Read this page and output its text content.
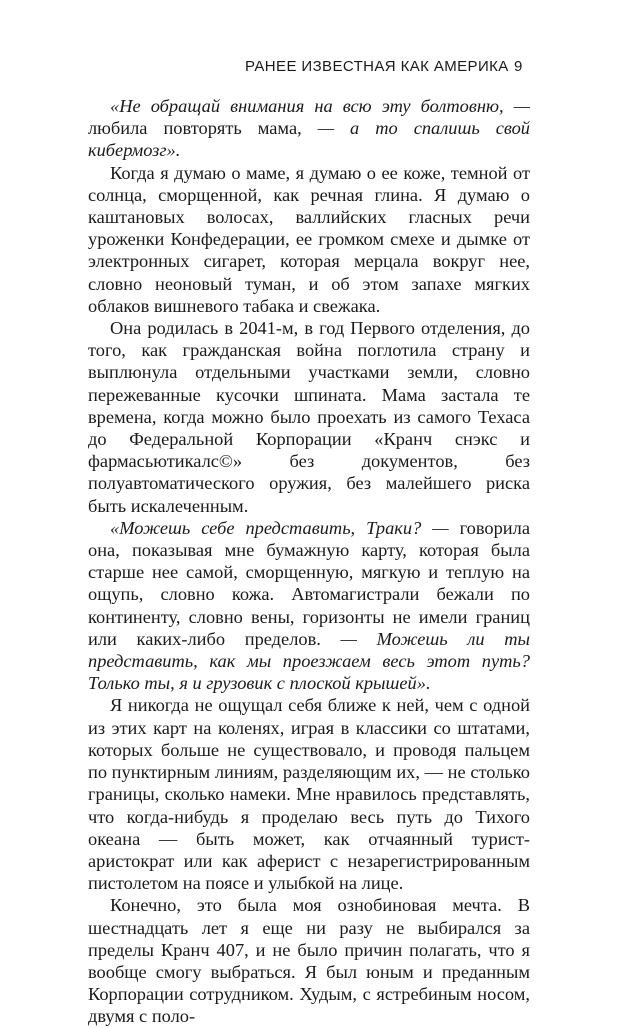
РАНЕЕ ИЗВЕСТНАЯ КАК АМЕРИКА 9

«Не обращай внимания на всю эту болтовню, — любила повторять мама, — а то спалишь свой кибермозг».

Когда я думаю о маме, я думаю о ее коже, темной от солнца, сморщенной, как речная глина. Я думаю о каштановых волосах, валлийских гласных речи уроженки Конфедерации, ее громком смехе и дымке от электронных сигарет, которая мерцала вокруг нее, словно неоновый туман, и об этом запахе мягких облаков вишневого табака и свежака.

Она родилась в 2041-м, в год Первого отделения, до того, как гражданская война поглотила страну и выплюнула отдельными участками земли, словно пережеванные кусочки шпината. Мама застала те времена, когда можно было проехать из самого Техаса до Федеральной Корпорации «Кранч снэкс и фармасьютикалс©» без документов, без полуавтоматического оружия, без малейшего риска быть искалеченным.

«Можешь себе представить, Траки? — говорила она, показывая мне бумажную карту, которая была старше нее самой, сморщенную, мягкую и теплую на ощупь, словно кожа. Автомагистрали бежали по континенту, словно вены, горизонты не имели границ или каких-либо пределов. — Можешь ли ты представить, как мы проезжаем весь этот путь? Только ты, я и грузовик с плоской крышей».

Я никогда не ощущал себя ближе к ней, чем с одной из этих карт на коленях, играя в классики со штатами, которых больше не существовало, и проводя пальцем по пунктирным линиям, разделяющим их, — не столько границы, сколько намеки. Мне нравилось представлять, что когда-нибудь я проделаю весь путь до Тихого океана — быть может, как отчаянный турист-аристократ или как аферист с незарегистрированным пистолетом на поясе и улыбкой на лице.

Конечно, это была моя ознобиновая мечта. В шестнадцать лет я еще ни разу не выбирался за пределы Кранч 407, и не было причин полагать, что я вообще смогу выбраться. Я был юным и преданным Корпорации сотрудником. Худым, с ястребиным носом, двумя с поло-
